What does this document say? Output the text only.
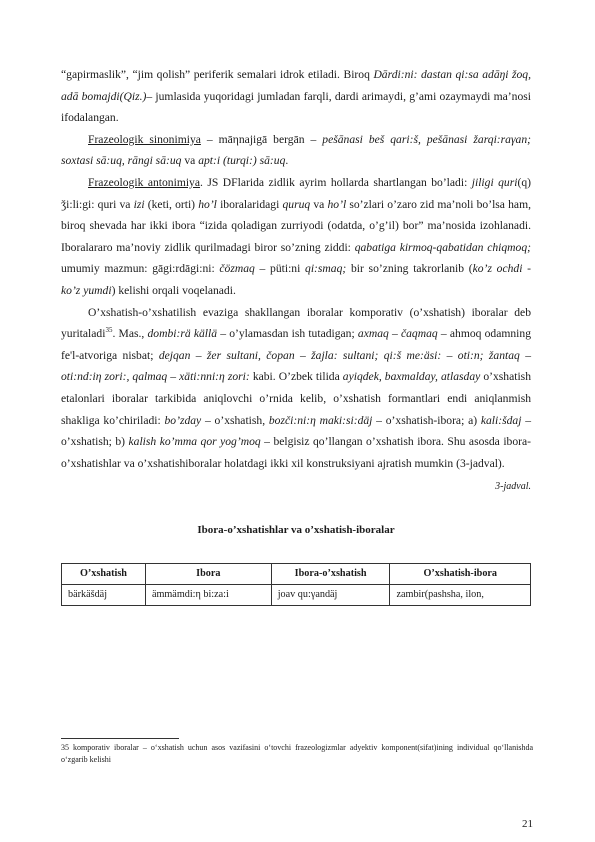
“gapirmaslik”, “jim qolish” periferik semalari idrok etiladi. Biroq Dārdi:ni: dastan qi:sa adāŋi žoq, adā bomajdi(Qiz.)– jumlasida yuqoridagi jumladan farqli, dardi arimaydi, g’ami ozaymaydi ma’nosi ifodalangan.

Frazeologik sinonimiya – māηnajigā bergān – pešānasi beš qari:š, pešānasi žarqi:raγan; soxtasi sā:uq, rāngi sā:uq va apt:i (turqi:) sā:uq.

Frazeologik antonimiya. JS DFlarida zidlik ayrim hollarda shartlangan bo’ladi: jiligi quri(q) ǯi:li:gi: quri va izi (keti, orti) ho’l iboralaridagi quruq va ho’l so’zlari o’zaro zid ma’noli bo’lsa ham, biroq shevada har ikki ibora “izida qoladigan zurriyodi (odatda, o’g’il) bor” ma’nosida izohlanadi. Iboralararo ma’noviy zidlik qurilmadagi biror so’zning ziddi: qabatiga kirmoq-qabatidan chiqmoq; umumiy mazmun: gāgi:rdāgi:ni: čözmaq – püti:ni qi:smaq; bir so’zning takrorlanib (ko’z ochdi - ko’z yumdi) kelishi orqali voqelanadi.

O’xshatish-o’xshatilish evaziga shakllangan iboralar komporativ (o’xshatish) iboralar deb yuritaladi$^{35}$. Mas., dombi:rä källä – o’ylamasdan ish tutadigan; axmaq – čaqmaq – ahmoq odamning fe'l-atvoriga nisbat; dejqan – žer sultani, čopan – žajla: sultani; qi:š me:äsi: – oti:n; žantaq – oti:nd:iη zori:, qalmaq – xäti:nni:η zori: kabi. O’zbek tilida ayiqdek, baxmalday, atlasday o’xshatish etalonlari iboralar tarkibida aniqlovchi o’rnida kelib, o’xshatish formantlari endi aniqlanmish shakliga ko’chiriladi: bo’zday – o’xshatish, bozči:ni:η maki:si:däj – o’xshatish-ibora; a) kali:šdaj – o’xshatish; b) kalish ko’mma qor yog’moq – belgisiz qo’llangan o’xshatish ibora. Shu asosda ibora-o’xshatishlar va o’xshatishiboralar holatdagi ikki xil konstruksiyani ajratish mumkin (3-jadval).

3-jadval.
Ibora-o’xshatishlar va o’xshatish-iboralar
O’xshatish	Ibora	Ibora-o’xshatish	O’xshatish-ibora
bärkäšdäj	ämmämdi:η bi:za:i	joav qu:γandäj	zambir(pashsha, ilon,
35 komporativ iboralar – o‘xshatish uchun asos vazifasini o‘tovchi frazeologizmlar adyektiv komponent(sifat)ining individual qo‘llanishda o‘zgarib kelishi
21
